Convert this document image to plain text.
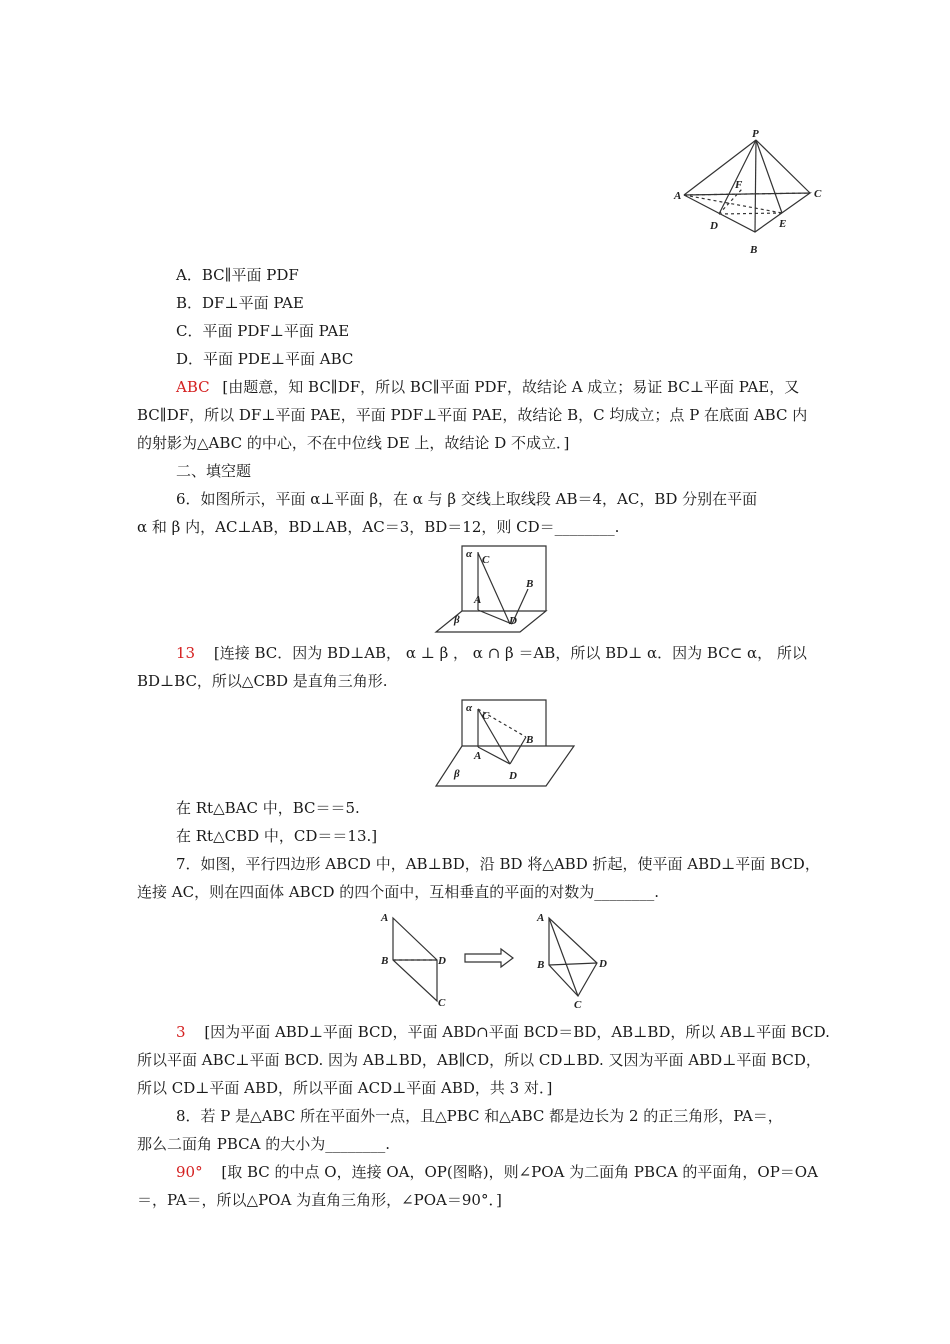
P
A	C
B
D	E
F
A．BC∥平面 PDF
B．DF⊥平面 PAE
C．平面 PDF⊥平面 PAE
D．平面 PDE⊥平面 ABC
ABC [由题意，知 BC∥DF，所以 BC∥平面 PDF，故结论 A 成立；易证 BC⊥平面 PAE，又
BC∥DF，所以 DF⊥平面 PAE，平面 PDF⊥平面 PAE，故结论 B，C 均成立；点 P 在底面 ABC 内
的射影为△ABC 的中心，不在中位线 DE 上，故结论 D 不成立．]
二、填空题
6．如图所示，平面 α⊥平面 β，在 α 与 β 交线上取线段 AB＝4，AC，BD 分别在平面
α 和 β 内，AC⊥AB，BD⊥AB，AC＝3，BD＝12，则 CD＝________.
α C
B
A
β	D
13 [连接 BC．因为 BD⊥AB， α ⊥ β ， α ∩ β ＝AB，所以 BD⊥ α．因为 BC⊂ α， 所以
BD⊥BC，所以△CBD 是直角三角形.
α
C
B
A
β	D
在 Rt△BAC 中，BC＝＝5.
在 Rt△CBD 中，CD＝＝13.]
7．如图，平行四边形 ABCD 中，AB⊥BD，沿 BD 将△ABD 折起，使平面 ABD⊥平面 BCD，
连接 AC，则在四面体 ABCD 的四个面中，互相垂直的平面的对数为________.
A
B	D
C
A
B	D
C
3 [因为平面 ABD⊥平面 BCD，平面 ABD∩平面 BCD＝BD，AB⊥BD，所以 AB⊥平面 BCD.
所以平面 ABC⊥平面 BCD. 因为 AB⊥BD，AB∥CD，所以 CD⊥BD. 又因为平面 ABD⊥平面 BCD，
所以 CD⊥平面 ABD，所以平面 ACD⊥平面 ABD，共 3 对．]
8．若 P 是△ABC 所在平面外一点，且△PBC 和△ABC 都是边长为 2 的正三角形，PA＝，
那么二面角 PBCA 的大小为________.
90° [取 BC 的中点 O，连接 OA，OP(图略)，则∠POA 为二面角 PBCA 的平面角，OP＝OA
＝，PA＝，所以△POA 为直角三角形，∠POA＝90°．]
